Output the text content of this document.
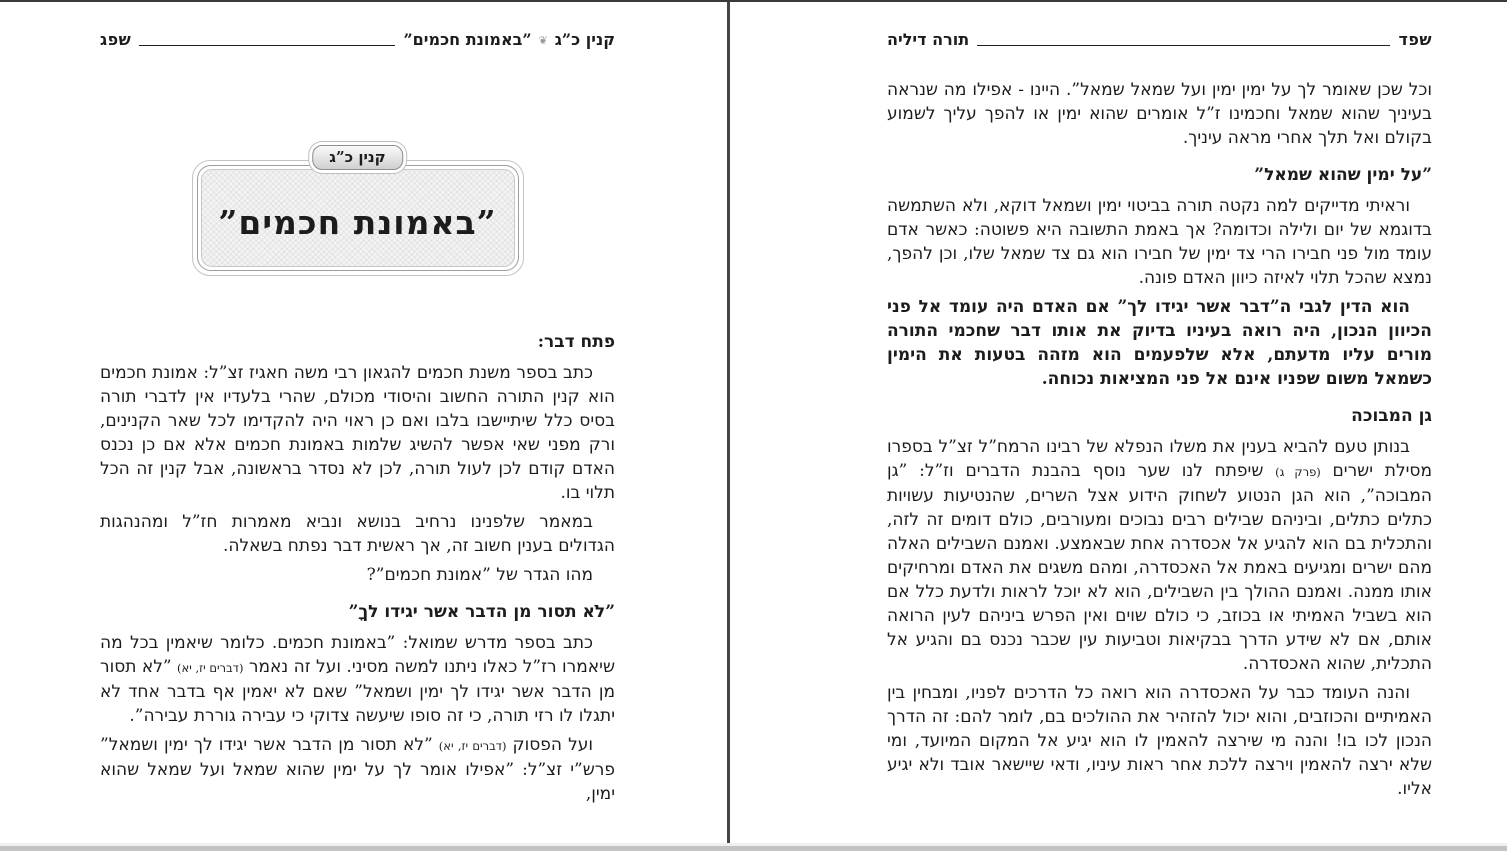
קנין כ”ג
❦
”באמונת חכמים”
שפג
קנין כ”ג
”באמונת חכמים”

פתח דבר:

כתב בספר משנת חכמים להגאון רבי משה חאגיז זצ”ל: אמונת חכמים הוא קנין התורה החשוב והיסודי מכולם, שהרי בלעדיו אין לדברי תורה בסיס כלל שיתיישבו בלבו ואם כן ראוי היה להקדימו לכל שאר הקנינים, ורק מפני שאי אפשר להשיג שלמות באמונת חכמים אלא אם כן נכנס האדם קודם לכן לעול תורה, לכן לא נסדר בראשונה, אבל קנין זה הכל תלוי בו.

במאמר שלפנינו נרחיב בנושא ונביא מאמרות חז”ל ומהנהגות הגדולים בענין חשוב זה, אך ראשית דבר נפתח בשאלה.

מהו הגדר של ”אמונת חכמים”?

”לֹא תסור מן הדבר אשר יגידו לךָ”

כתב בספר מדרש שמואל: ”באמונת חכמים. כלומר שיאמין בכל מה שיאמרו רז”ל כאלו ניתנו למשה מסיני. ועל זה נאמר (דברים יז, יא) ”לא תסור מן הדבר אשר יגידו לך ימין ושמאל” שאם לא יאמין אף בדבר אחד לא יתגלו לו רזי תורה, כי זה סופו שיעשה צדוקי כי עבירה גוררת עבירה”.

ועל הפסוק (דברים יז, יא) ”לא תסור מן הדבר אשר יגידו לך ימין ושמאל” פרש”י זצ”ל: ”אפילו אומר לך על ימין שהוא שמאל ועל שמאל שהוא ימין,

שפד
תורה דיליה

וכל שכן שאומר לך על ימין ימין ועל שמאל שמאל”. היינו - אפילו מה שנראה בעיניך שהוא שמאל וחכמינו ז”ל אומרים שהוא ימין או להפך עליך לשמוע בקולם ואל תלך אחרי מראה עיניך.

”על ימין שהוא שמאל”

וראיתי מדייקים למה נקטה תורה בביטוי ימין ושמאל דוקא, ולא השתמשה בדוגמא של יום ולילה וכדומה? אך באמת התשובה היא פשוטה: כאשר אדם עומד מול פני חבירו הרי צד ימין של חבירו הוא גם צד שמאל שלו, וכן להפך, נמצא שהכל תלוי לאיזה כיוון האדם פונה.

הוא הדין לגבי ה”דבר אשר יגידו לך” אם האדם היה עומד אל פני הכיוון הנכון, היה רואה בעיניו בדיוק את אותו דבר שחכמי התורה מורים עליו מדעתם, אלא שלפעמים הוא מזהה בטעות את הימין כשמאל משום שפניו אינם אל פני המציאות נכוחה.

גן המבוכה

בנותן טעם להביא בענין את משלו הנפלא של רבינו הרמח”ל זצ”ל בספרו מסילת ישרים (פרק ג) שיפתח לנו שער נוסף בהבנת הדברים וז”ל: ”גן המבוכה”, הוא הגן הנטוע לשחוק הידוע אצל השרים, שהנטיעות עשויות כתלים כתלים, וביניהם שבילים רבים נבוכים ומעורבים, כולם דומים זה לזה, והתכלית בם הוא להגיע אל אכסדרה אחת שבאמצע. ואמנם השבילים האלה מהם ישרים ומגיעים באמת אל האכסדרה, ומהם משגים את האדם ומרחיקים אותו ממנה. ואמנם ההולך בין השבילים, הוא לא יוכל לראות ולדעת כלל אם הוא בשביל האמיתי או בכוזב, כי כולם שוים ואין הפרש ביניהם לעין הרואה אותם, אם לא שידע הדרך בבקיאות וטביעות עין שכבר נכנס בם והגיע אל התכלית, שהוא האכסדרה.

והנה העומד כבר על האכסדרה הוא רואה כל הדרכים לפניו, ומבחין בין האמיתיים והכוזבים, והוא יכול להזהיר את ההולכים בם, לומר להם: זה הדרך הנכון לכו בו! והנה מי שירצה להאמין לו הוא יגיע אל המקום המיועד, ומי שלא ירצה להאמין וירצה ללכת אחר ראות עיניו, ודאי שיישאר אובד ולא יגיע אליו.
